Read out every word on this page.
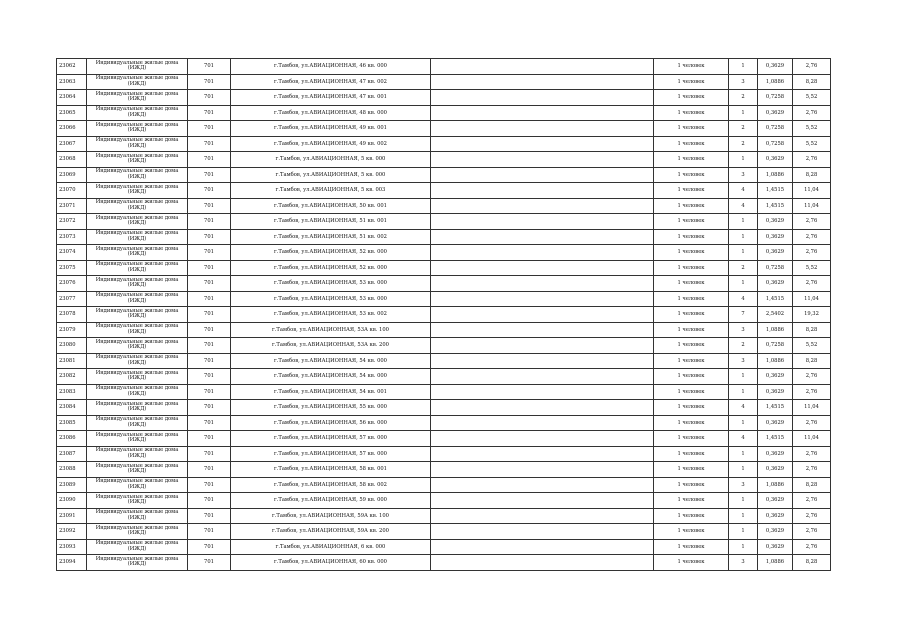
23062	Индивидуальные жилые дома (ИЖД)	701	г.Тамбов, ул.АВИАЦИОННАЯ, 46 кв. 000		1 человек	1	0,3629	2,76
23063	Индивидуальные жилые дома (ИЖД)	701	г.Тамбов, ул.АВИАЦИОННАЯ, 47 кв. 002		1 человек	3	1,0886	8,28
23064	Индивидуальные жилые дома (ИЖД)	701	г.Тамбов, ул.АВИАЦИОННАЯ, 47 кв. 001		1 человек	2	0,7258	5,52
23065	Индивидуальные жилые дома (ИЖД)	701	г.Тамбов, ул.АВИАЦИОННАЯ, 48 кв. 000		1 человек	1	0,3629	2,76
23066	Индивидуальные жилые дома (ИЖД)	701	г.Тамбов, ул.АВИАЦИОННАЯ, 49 кв. 001		1 человек	2	0,7258	5,52
23067	Индивидуальные жилые дома (ИЖД)	701	г.Тамбов, ул.АВИАЦИОННАЯ, 49 кв. 002		1 человек	2	0,7258	5,52
23068	Индивидуальные жилые дома (ИЖД)	701	г.Тамбов, ул.АВИАЦИОННАЯ, 5 кв. 000		1 человек	1	0,3629	2,76
23069	Индивидуальные жилые дома (ИЖД)	701	г.Тамбов, ул.АВИАЦИОННАЯ, 5 кв. 000		1 человек	3	1,0886	8,28
23070	Индивидуальные жилые дома (ИЖД)	701	г.Тамбов, ул.АВИАЦИОННАЯ, 5 кв. 003		1 человек	4	1,4515	11,04
23071	Индивидуальные жилые дома (ИЖД)	701	г.Тамбов, ул.АВИАЦИОННАЯ, 50 кв. 001		1 человек	4	1,4515	11,04
23072	Индивидуальные жилые дома (ИЖД)	701	г.Тамбов, ул.АВИАЦИОННАЯ, 51 кв. 001		1 человек	1	0,3629	2,76
23073	Индивидуальные жилые дома (ИЖД)	701	г.Тамбов, ул.АВИАЦИОННАЯ, 51 кв. 002		1 человек	1	0,3629	2,76
23074	Индивидуальные жилые дома (ИЖД)	701	г.Тамбов, ул.АВИАЦИОННАЯ, 52 кв. 000		1 человек	1	0,3629	2,76
23075	Индивидуальные жилые дома (ИЖД)	701	г.Тамбов, ул.АВИАЦИОННАЯ, 52 кв. 000		1 человек	2	0,7258	5,52
23076	Индивидуальные жилые дома (ИЖД)	701	г.Тамбов, ул.АВИАЦИОННАЯ, 53 кв. 000		1 человек	1	0,3629	2,76
23077	Индивидуальные жилые дома (ИЖД)	701	г.Тамбов, ул.АВИАЦИОННАЯ, 53 кв. 000		1 человек	4	1,4515	11,04
23078	Индивидуальные жилые дома (ИЖД)	701	г.Тамбов, ул.АВИАЦИОННАЯ, 53 кв. 002		1 человек	7	2,5402	19,32
23079	Индивидуальные жилые дома (ИЖД)	701	г.Тамбов, ул.АВИАЦИОННАЯ, 53А кв. 100		1 человек	3	1,0886	8,28
23080	Индивидуальные жилые дома (ИЖД)	701	г.Тамбов, ул.АВИАЦИОННАЯ, 53А кв. 200		1 человек	2	0,7258	5,52
23081	Индивидуальные жилые дома (ИЖД)	701	г.Тамбов, ул.АВИАЦИОННАЯ, 54 кв. 000		1 человек	3	1,0886	8,28
23082	Индивидуальные жилые дома (ИЖД)	701	г.Тамбов, ул.АВИАЦИОННАЯ, 54 кв. 000		1 человек	1	0,3629	2,76
23083	Индивидуальные жилые дома (ИЖД)	701	г.Тамбов, ул.АВИАЦИОННАЯ, 54 кв. 001		1 человек	1	0,3629	2,76
23084	Индивидуальные жилые дома (ИЖД)	701	г.Тамбов, ул.АВИАЦИОННАЯ, 55 кв. 000		1 человек	4	1,4515	11,04
23085	Индивидуальные жилые дома (ИЖД)	701	г.Тамбов, ул.АВИАЦИОННАЯ, 56 кв. 000		1 человек	1	0,3629	2,76
23086	Индивидуальные жилые дома (ИЖД)	701	г.Тамбов, ул.АВИАЦИОННАЯ, 57 кв. 000		1 человек	4	1,4515	11,04
23087	Индивидуальные жилые дома (ИЖД)	701	г.Тамбов, ул.АВИАЦИОННАЯ, 57 кв. 000		1 человек	1	0,3629	2,76
23088	Индивидуальные жилые дома (ИЖД)	701	г.Тамбов, ул.АВИАЦИОННАЯ, 58 кв. 001		1 человек	1	0,3629	2,76
23089	Индивидуальные жилые дома (ИЖД)	701	г.Тамбов, ул.АВИАЦИОННАЯ, 58 кв. 002		1 человек	3	1,0886	8,28
23090	Индивидуальные жилые дома (ИЖД)	701	г.Тамбов, ул.АВИАЦИОННАЯ, 59 кв. 000		1 человек	1	0,3629	2,76
23091	Индивидуальные жилые дома (ИЖД)	701	г.Тамбов, ул.АВИАЦИОННАЯ, 59А кв. 100		1 человек	1	0,3629	2,76
23092	Индивидуальные жилые дома (ИЖД)	701	г.Тамбов, ул.АВИАЦИОННАЯ, 59А кв. 200		1 человек	1	0,3629	2,76
23093	Индивидуальные жилые дома (ИЖД)	701	г.Тамбов, ул.АВИАЦИОННАЯ, 6 кв. 000		1 человек	1	0,3629	2,76
23094	Индивидуальные жилые дома (ИЖД)	701	г.Тамбов, ул.АВИАЦИОННАЯ, 60 кв. 000		1 человек	3	1,0886	8,28
